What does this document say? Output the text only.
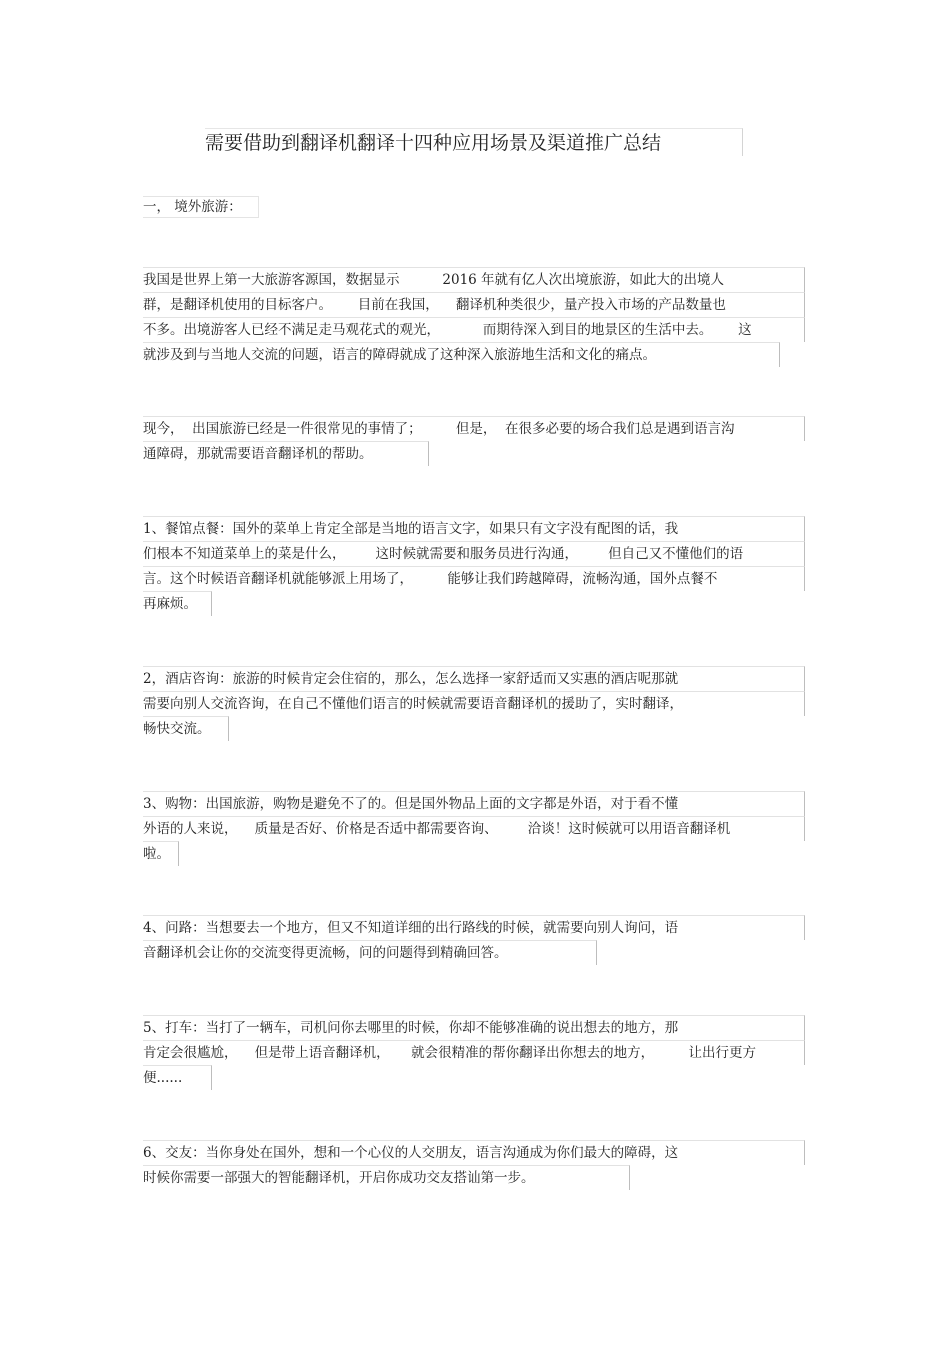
需要借助到翻译机翻译十四种应用场景及渠道推广总结
一， 境外旅游：
我国是世界上第一大旅游客源国，数据显示          2016 年就有亿人次出境旅游，如此大的出境人
群，是翻译机使用的目标客户。      目前在我国，    翻译机种类很少，量产投入市场的产品数量也
不多。出境游客人已经不满足走马观花式的观光，          而期待深入到目的地景区的生活中去。      这
就涉及到与当地人交流的问题，语言的障碍就成了这种深入旅游地生活和文化的痛点。
现今，  出国旅游已经是一件很常见的事情了；        但是，  在很多必要的场合我们总是遇到语言沟
通障碍，那就需要语音翻译机的帮助。
1、餐馆点餐：国外的菜单上肯定全部是当地的语言文字，如果只有文字没有配图的话，我
们根本不知道菜单上的菜是什么，       这时候就需要和服务员进行沟通，       但自己又不懂他们的语
言。这个时候语音翻译机就能够派上用场了，        能够让我们跨越障碍，流畅沟通，国外点餐不
再麻烦。
2，酒店咨询：旅游的时候肯定会住宿的，那么，怎么选择一家舒适而又实惠的酒店呢那就
需要向别人交流咨询，在自己不懂他们语言的时候就需要语音翻译机的援助了，实时翻译，
畅快交流。
3、购物：出国旅游，购物是避免不了的。但是国外物品上面的文字都是外语，对于看不懂
外语的人来说，    质量是否好、价格是否适中都需要咨询、       洽谈！这时候就可以用语音翻译机
啦。
4、问路：当想要去一个地方，但又不知道详细的出行路线的时候，就需要向别人询问，语
音翻译机会让你的交流变得更流畅，问的问题得到精确回答。
5、打车：当打了一辆车，司机问你去哪里的时候，你却不能够准确的说出想去的地方，那
肯定会很尴尬，    但是带上语音翻译机，     就会很精准的帮你翻译出你想去的地方，        让出行更方
便......
6、交友：当你身处在国外，想和一个心仪的人交朋友，语言沟通成为你们最大的障碍，这
时候你需要一部强大的智能翻译机，开启你成功交友搭讪第一步。
